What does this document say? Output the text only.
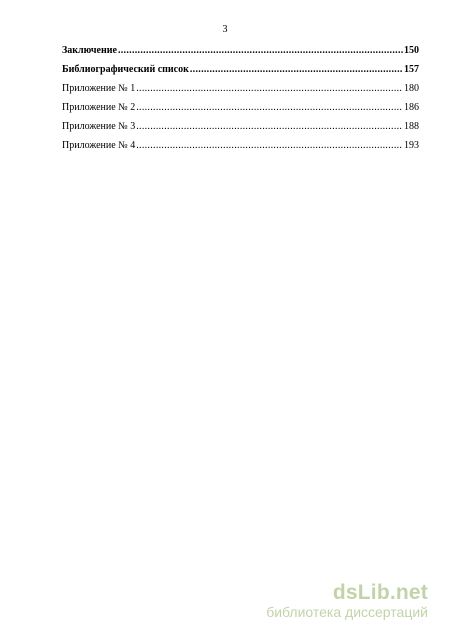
3
Заключение .....	150
Библиографический список .....	157
Приложение № 1 .....	180
Приложение № 2 .....	186
Приложение № 3 .....	188
Приложение № 4 .....	193
dsLib.net
библиотека диссертаций
